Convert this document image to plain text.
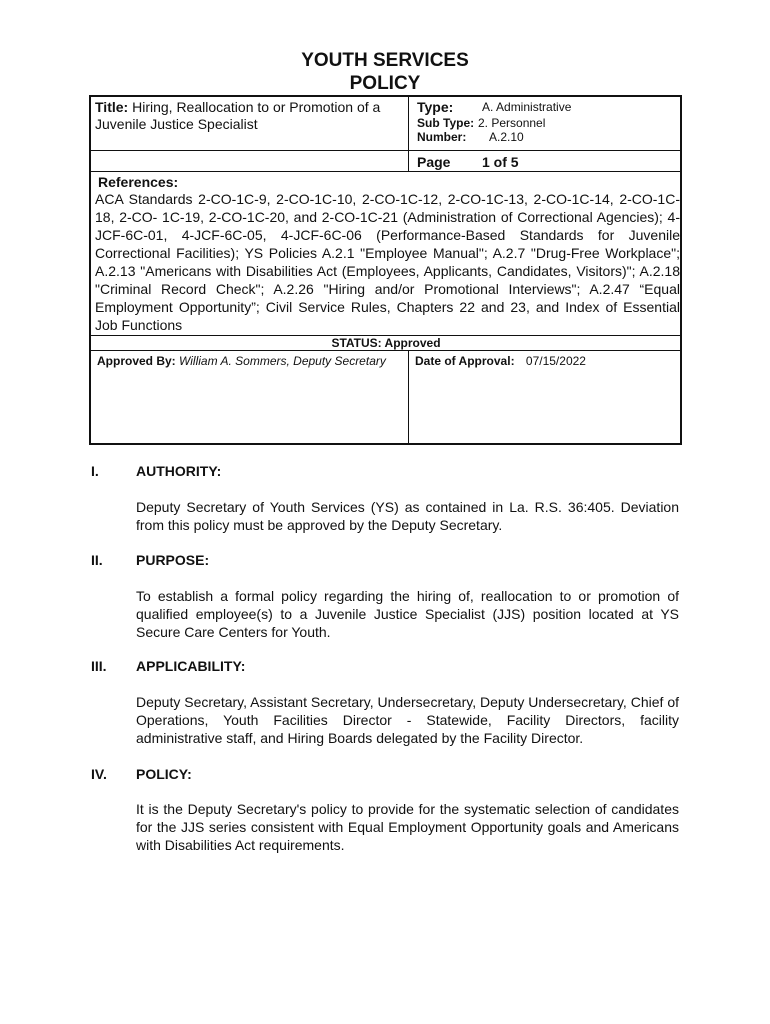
YOUTH SERVICES
POLICY
Title: Hiring, Reallocation to or Promotion of a Juvenile Justice Specialist
Type: A. Administrative
Sub Type: 2. Personnel
Number: A.2.10
Page 1 of 5
References:
ACA Standards 2-CO-1C-9, 2-CO-1C-10, 2-CO-1C-12, 2-CO-1C-13, 2-CO-1C-14, 2-CO-1C-18, 2-CO- 1C-19, 2-CO-1C-20, and 2-CO-1C-21 (Administration of Correctional Agencies); 4-JCF-6C-01, 4-JCF-6C-05, 4-JCF-6C-06 (Performance-Based Standards for Juvenile Correctional Facilities); YS Policies A.2.1 "Employee Manual"; A.2.7 "Drug-Free Workplace"; A.2.13 "Americans with Disabilities Act (Employees, Applicants, Candidates, Visitors)"; A.2.18 "Criminal Record Check"; A.2.26 "Hiring and/or Promotional Interviews"; A.2.47 “Equal Employment Opportunity”; Civil Service Rules, Chapters 22 and 23, and Index of Essential Job Functions
STATUS: Approved
Approved By: William A. Sommers, Deputy Secretary	Date of Approval: 07/15/2022
I.	AUTHORITY:
Deputy Secretary of Youth Services (YS) as contained in La. R.S. 36:405. Deviation from this policy must be approved by the Deputy Secretary.
II. PURPOSE:
To establish a formal policy regarding the hiring of, reallocation to or promotion of qualified employee(s) to a Juvenile Justice Specialist (JJS) position located at YS Secure Care Centers for Youth.
III. APPLICABILITY:
Deputy Secretary, Assistant Secretary, Undersecretary, Deputy Undersecretary, Chief of Operations, Youth Facilities Director - Statewide, Facility Directors, facility administrative staff, and Hiring Boards delegated by the Facility Director.
IV. POLICY:
It is the Deputy Secretary's policy to provide for the systematic selection of candidates for the JJS series consistent with Equal Employment Opportunity goals and Americans with Disabilities Act requirements.
